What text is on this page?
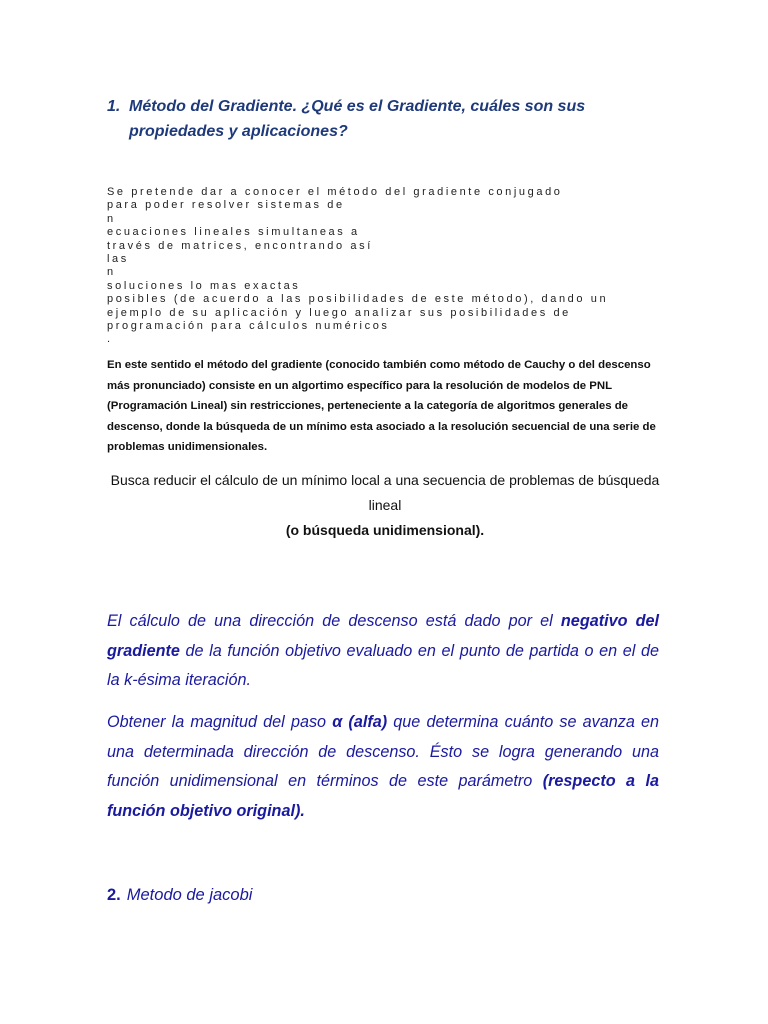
1. Método del Gradiente. ¿Qué es el Gradiente, cuáles son sus propiedades y aplicaciones?
Se pretende dar a conocer el método del gradiente conjugado
para poder resolver sistemas de
n
ecuaciones lineales simultaneas a
través de matrices, encontrando así
las
n
soluciones lo mas exactas
posibles (de acuerdo a las posibilidades de este método), dando un
ejemplo de su aplicación y luego analizar sus posibilidades de
programación para cálculos numéricos
.
En este sentido el método del gradiente (conocido también como método de Cauchy o del descenso más pronunciado) consiste en un algortimo específico para la resolución de modelos de PNL (Programación Lineal) sin restricciones, perteneciente a la categoría de algoritmos generales de descenso, donde la búsqueda de un mínimo esta asociado a la resolución secuencial de una serie de problemas unidimensionales.
Busca reducir el cálculo de un mínimo local a una secuencia de problemas de búsqueda lineal
(o búsqueda unidimensional).
El cálculo de una dirección de descenso está dado por el negativo del gradiente de la función objetivo evaluado en el punto de partida o en el de la k-ésima iteración.
Obtener la magnitud del paso α (alfa) que determina cuánto se avanza en una determinada dirección de descenso. Ésto se logra generando una función unidimensional en términos de este parámetro (respecto a la función objetivo original).
2. Metodo de jacobi
